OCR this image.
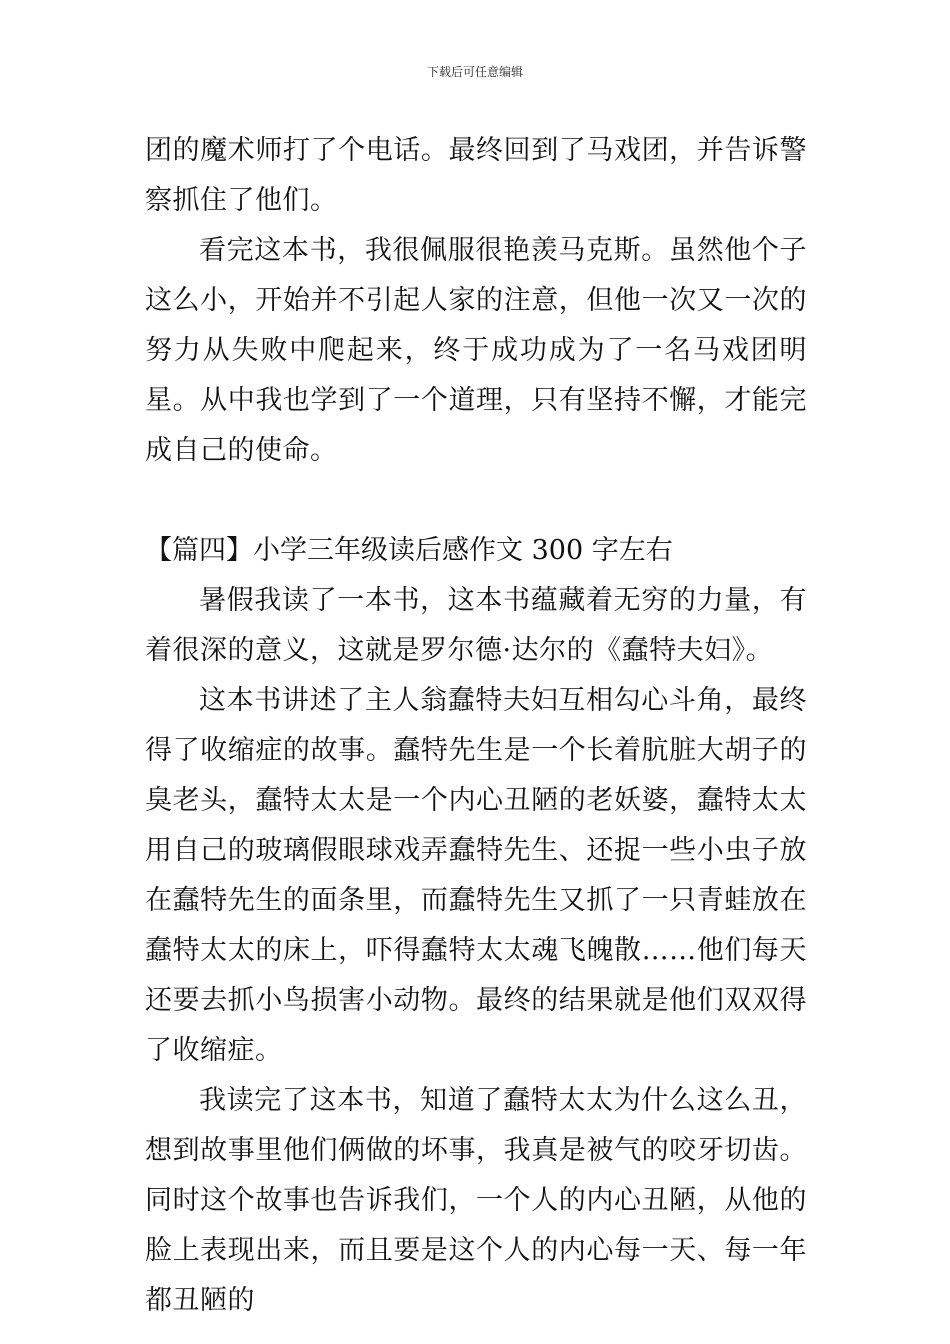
下载后可任意编辑

团的魔术师打了个电话。最终回到了马戏团，并告诉警察抓住了他们。

看完这本书，我很佩服很艳羡马克斯。虽然他个子这么小，开始并不引起人家的注意，但他一次又一次的努力从失败中爬起来，终于成功成为了一名马戏团明星。从中我也学到了一个道理，只有坚持不懈，才能完成自己的使命。

【篇四】小学三年级读后感作文 300 字左右

暑假我读了一本书，这本书蕴藏着无穷的力量，有着很深的意义，这就是罗尔德·达尔的《蠢特夫妇》。

这本书讲述了主人翁蠢特夫妇互相勾心斗角，最终得了收缩症的故事。蠢特先生是一个长着肮脏大胡子的臭老头，蠢特太太是一个内心丑陋的老妖婆，蠢特太太用自己的玻璃假眼球戏弄蠢特先生、还捉一些小虫子放在蠢特先生的面条里，而蠢特先生又抓了一只青蛙放在蠢特太太的床上，吓得蠢特太太魂飞魄散……他们每天还要去抓小鸟损害小动物。最终的结果就是他们双双得了收缩症。

我读完了这本书，知道了蠢特太太为什么这么丑，想到故事里他们俩做的坏事，我真是被气的咬牙切齿。同时这个故事也告诉我们，一个人的内心丑陋，从他的脸上表现出来，而且要是这个人的内心每一天、每一年都丑陋的
